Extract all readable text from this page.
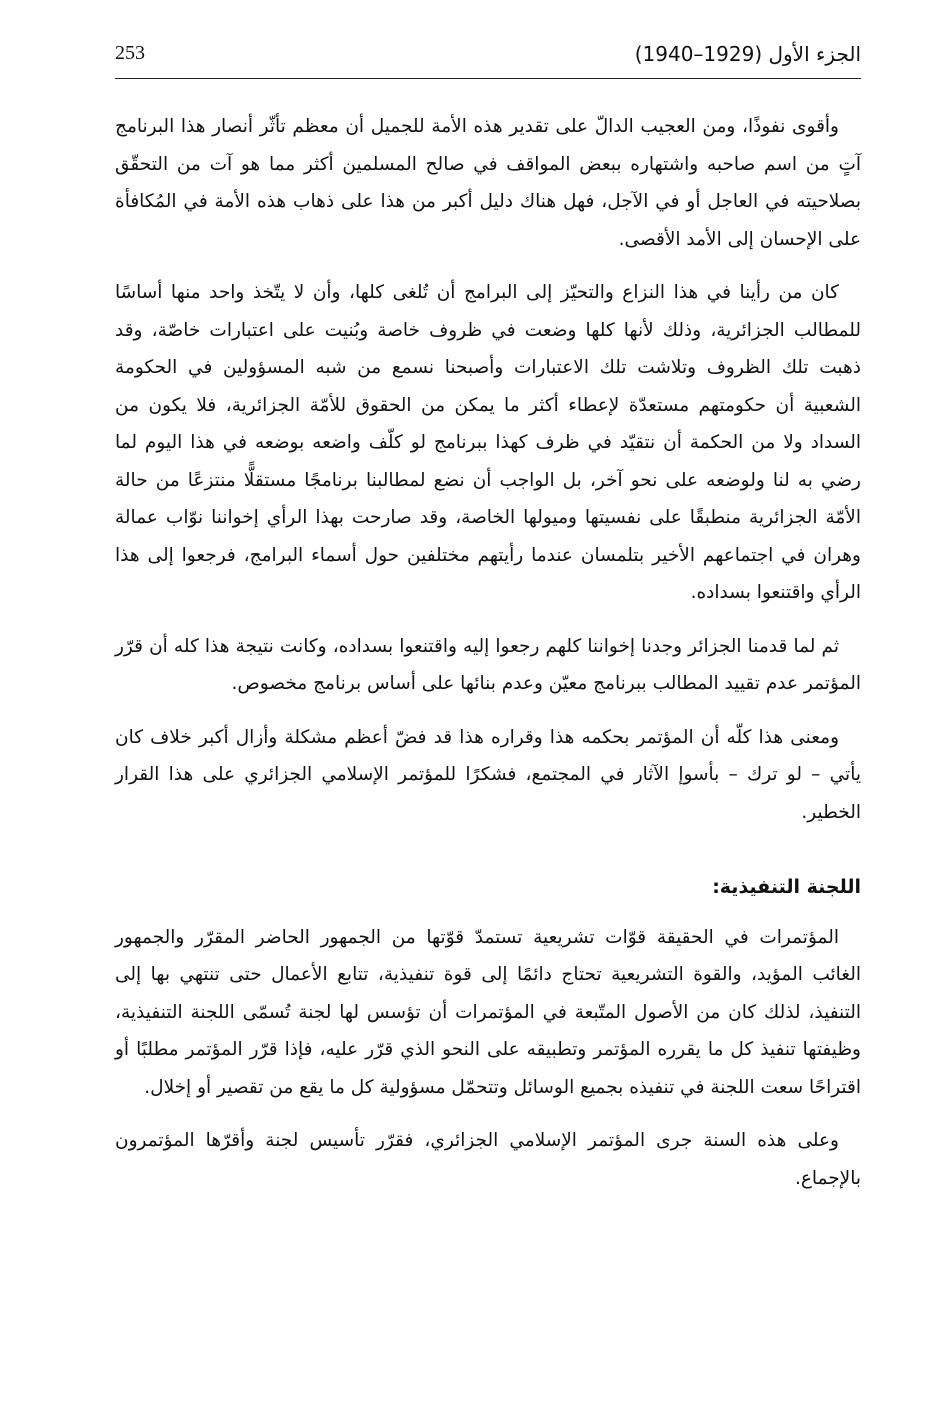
253	الجزء الأول (1929–1940)

وأقوى نفوذًا، ومن العجيب الدالّ على تقدير هذه الأمة للجميل أن معظم تأثّر أنصار هذا البرنامج آتٍ من اسم صاحبه واشتهاره ببعض المواقف في صالح المسلمين أكثر مما هو آت من التحقّق بصلاحيته في العاجل أو في الآجل، فهل هناك دليل أكبر من هذا على ذهاب هذه الأمة في المُكافأة على الإحسان إلى الأمد الأقصى.

كان من رأينا في هذا النزاع والتحيّز إلى البرامج أن تُلغى كلها، وأن لا يتّخذ واحد منها أساسًا للمطالب الجزائرية، وذلك لأنها كلها وضعت في ظروف خاصة وبُنيت على اعتبارات خاصّة، وقد ذهبت تلك الظروف وتلاشت تلك الاعتبارات وأصبحنا نسمع من شبه المسؤولين في الحكومة الشعبية أن حكومتهم مستعدّة لإعطاء أكثر ما يمكن من الحقوق للأمّة الجزائرية، فلا يكون من السداد ولا من الحكمة أن نتقيّد في ظرف كهذا ببرنامج لو كلّف واضعه بوضعه في هذا اليوم لما رضي به لنا ولوضعه على نحو آخر، بل الواجب أن نضع لمطالبنا برنامجًا مستقلًّا منتزعًا من حالة الأمّة الجزائرية منطبقًا على نفسيتها وميولها الخاصة، وقد صارحت بهذا الرأي إخواننا نوّاب عمالة وهران في اجتماعهم الأخير بتلمسان عندما رأيتهم مختلفين حول أسماء البرامج، فرجعوا إلى هذا الرأي واقتنعوا بسداده.

ثم لما قدمنا الجزائر وجدنا إخواننا كلهم رجعوا إليه واقتنعوا بسداده، وكانت نتيجة هذا كله أن قرّر المؤتمر عدم تقييد المطالب ببرنامج معيّن وعدم بنائها على أساس برنامج مخصوص.

ومعنى هذا كلّه أن المؤتمر بحكمه هذا وقراره هذا قد فضّ أعظم مشكلة وأزال أكبر خلاف كان يأتي – لو ترك – بأسوإ الآثار في المجتمع، فشكرًا للمؤتمر الإسلامي الجزائري على هذا القرار الخطير.

اللجنة التنفيذية:

المؤتمرات في الحقيقة قوّات تشريعية تستمدّ قوّتها من الجمهور الحاضر المقرّر والجمهور الغائب المؤيد، والقوة التشريعية تحتاج دائمًا إلى قوة تنفيذية، تتابع الأعمال حتى تنتهي بها إلى التنفيذ، لذلك كان من الأصول المتّبعة في المؤتمرات أن تؤسس لها لجنة تُسمّى اللجنة التنفيذية، وظيفتها تنفيذ كل ما يقرره المؤتمر وتطبيقه على النحو الذي قرّر عليه، فإذا قرّر المؤتمر مطلبًا أو اقتراحًا سعت اللجنة في تنفيذه بجميع الوسائل وتتحمّل مسؤولية كل ما يقع من تقصير أو إخلال.

وعلى هذه السنة جرى المؤتمر الإسلامي الجزائري، فقرّر تأسيس لجنة وأقرّها المؤتمرون بالإجماع.
